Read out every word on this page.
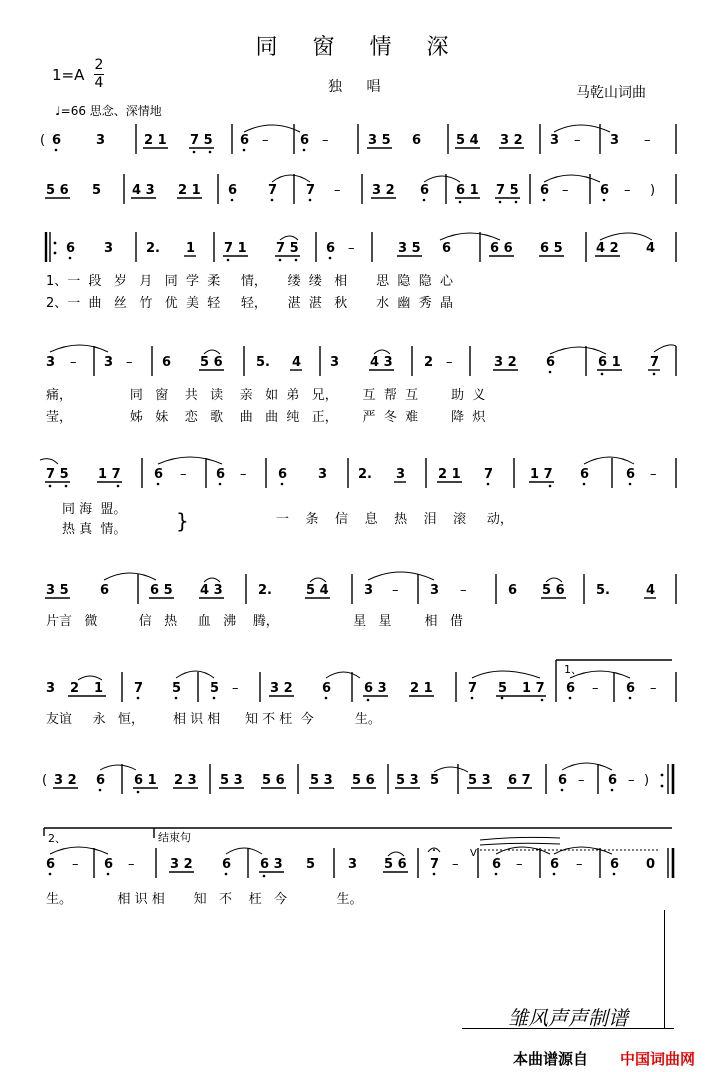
同 窗 情 深
1=A
2
4	独 唱	马乾山词曲
♩=66 思念、深情地
( 6	3	2 1 7 5 6 – 6 –	3 5 6	5 4 3 2 3 – 3 –
5 6 5 4 3 2 1 6 7 7 – 3 2 6 6 1 7 5 6 – 6 – )
6 3	2. 1 7 1 7 5 6 –	3 5 6	6 6 6 5	4 2 4
3 – 3 – 6 5 6	5. 4 3 4 3 2 –	3 2 6	6 1 7
7 5 1 7	6 – 6 – 6 3 2. 3	2 1 7	1 7 6	6 –
}
3 5 6	6 5 4 3	2.	5 4	3 – 3 –	6 5 6 5.	4
3 2 1 7 5 5 – 3 2 6	6 3 2 1	7 5 1 7 6 – 6 –
( 3 2 6 6 1 2 3 5 3 5 6 5 3 5 6 5 3 5 5 3 6 7 6 – 6 – )
6 – 6 –	3 2 6 6 3 5	3 5 6 7 –
V
6 – 6 – 6 0
1、
2、	结束句
1、一  段   岁   月   同  学  柔     情，     缕  缕   相       思  隐  隐  心
2、一  曲   丝   竹   优  美  轻     轻，     湛  湛   秋       水  幽  秀  晶
痛，              同   窗    共   读    亲   如  弟   兄，      互  帮  互        助  义
莹，              姊   妹    恋   歌    曲   曲  纯   正，      严  冬  难        降  炽
同 海  盟。
热 真  情。
一    条    信    息    热    泪    滚     动，
片言   微          信   热     血   沸    腾，                  星   星        相   借
友谊     永   恒，       相 识 相      知 不 枉  今          生。
生。           相 识 相       知   不    枉   今            生。
雏风声声制谱
本曲谱源自 中国词曲网
